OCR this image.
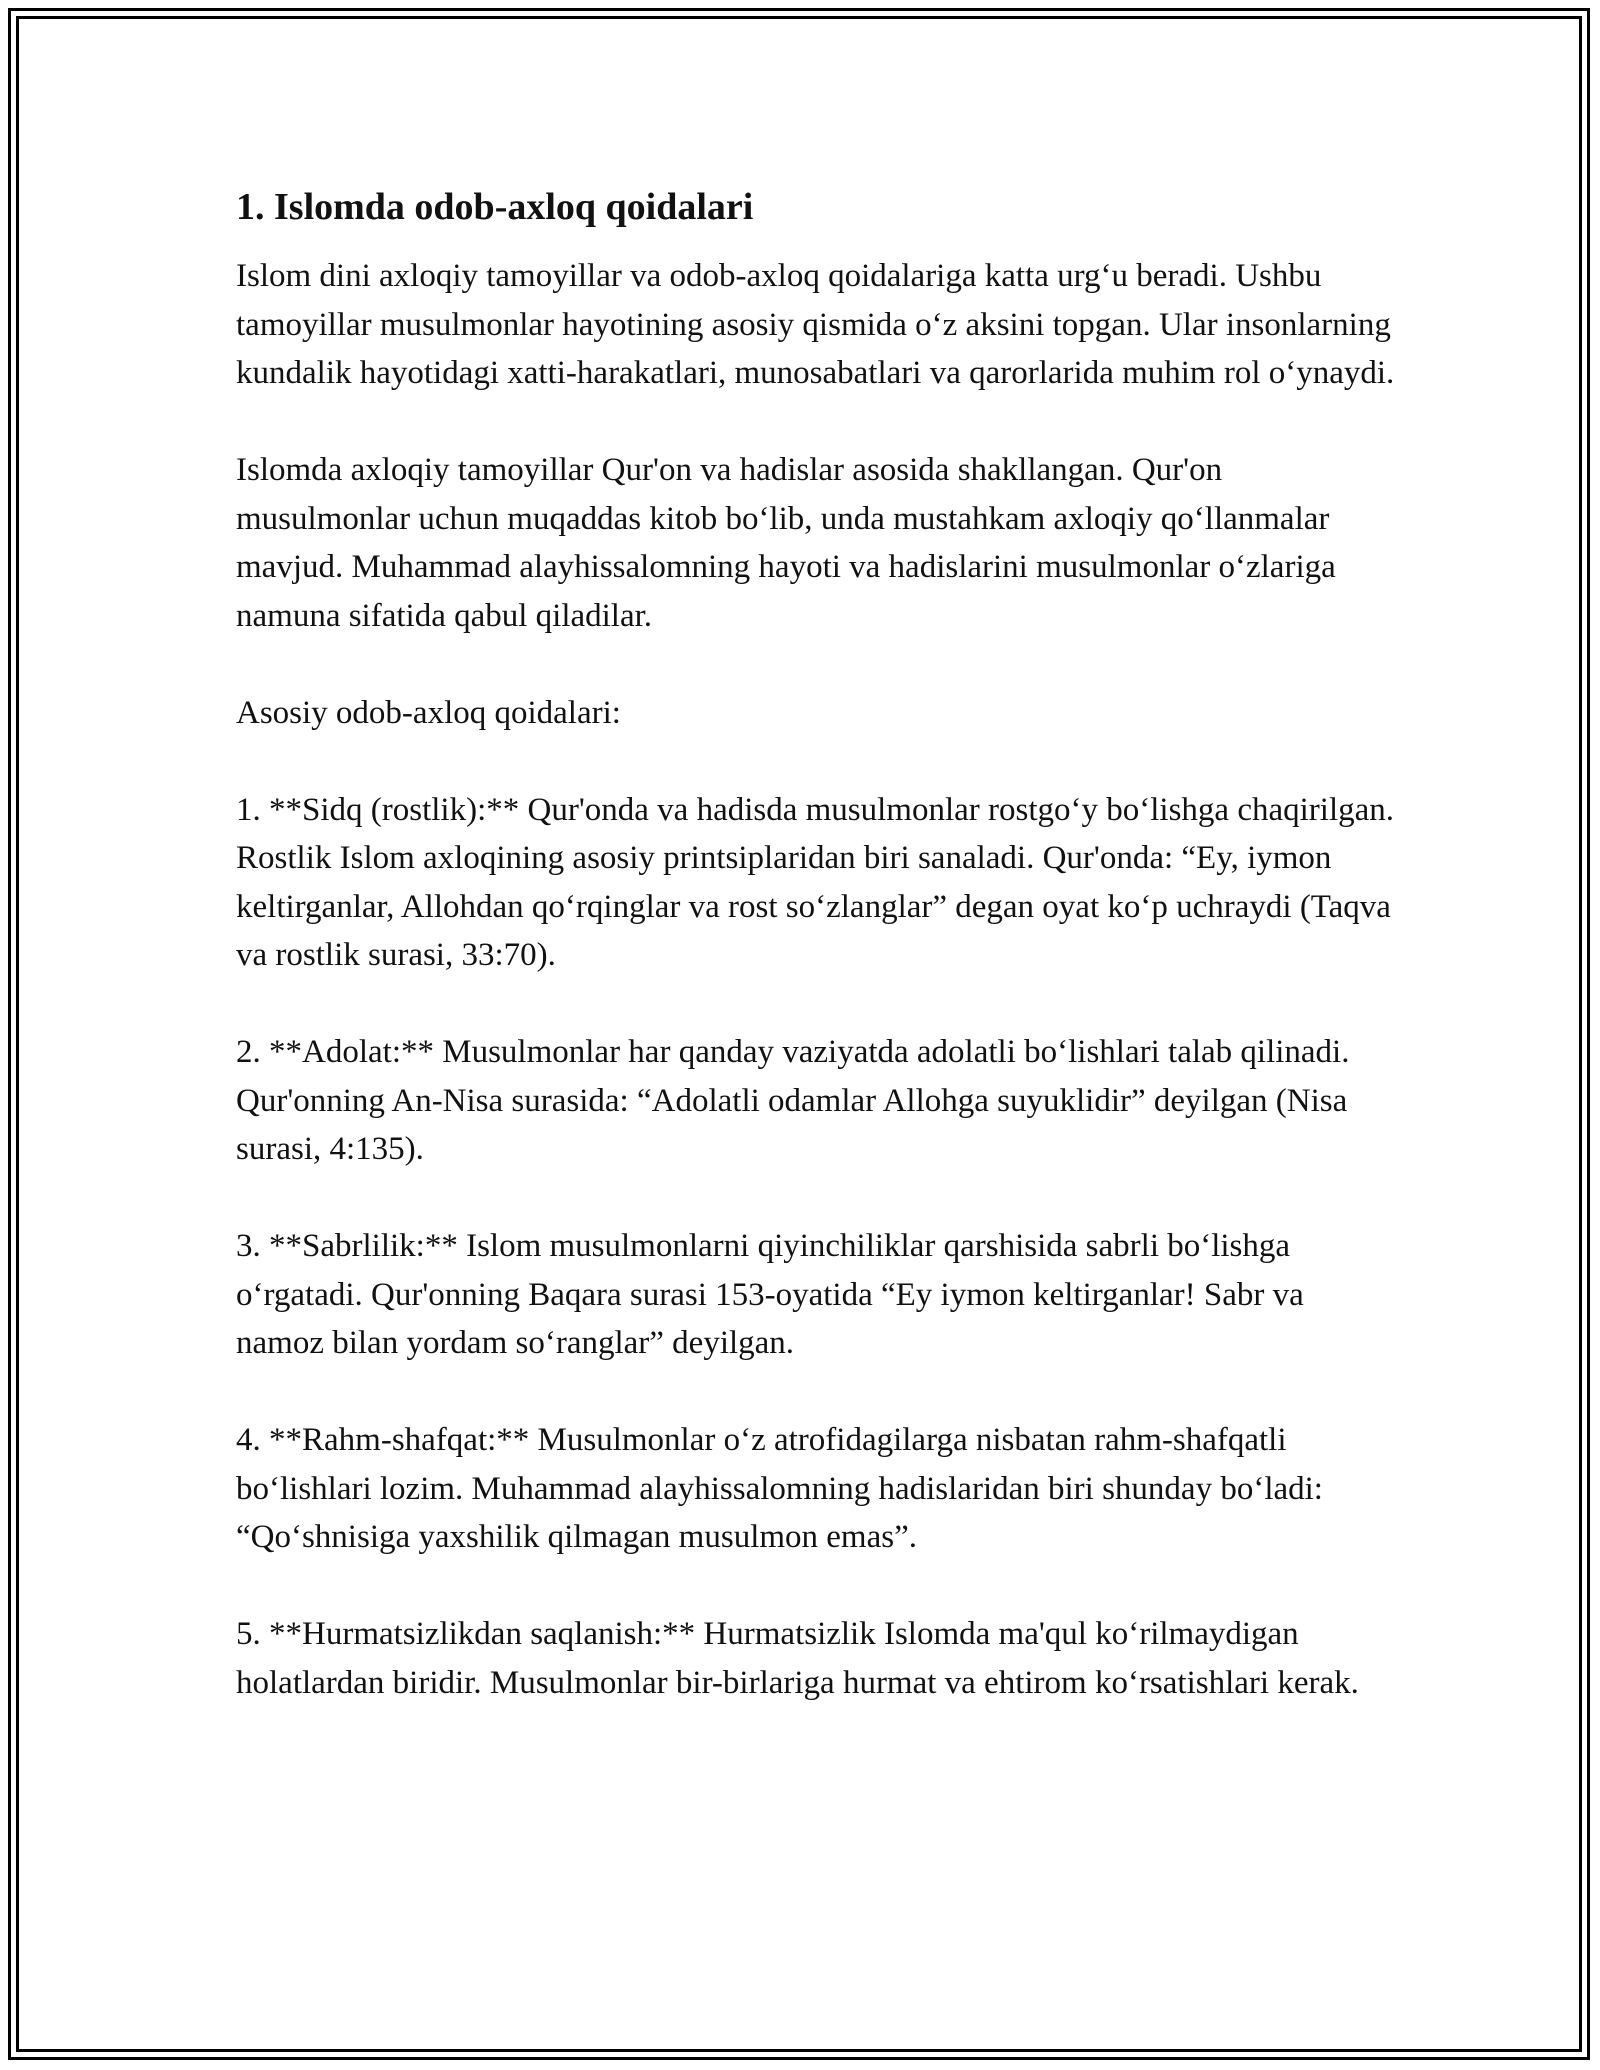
1. Islomda odob-axloq qoidalari

Islom dini axloqiy tamoyillar va odob-axloq qoidalariga katta urg‘u beradi. Ushbu tamoyillar musulmonlar hayotining asosiy qismida o‘z aksini topgan. Ular insonlarning kundalik hayotidagi xatti-harakatlari, munosabatlari va qarorlarida muhim rol o‘ynaydi.

Islomda axloqiy tamoyillar Qur'on va hadislar asosida shakllangan. Qur'on musulmonlar uchun muqaddas kitob bo‘lib, unda mustahkam axloqiy qo‘llanmalar mavjud. Muhammad alayhissalomning hayoti va hadislarini musulmonlar o‘zlariga namuna sifatida qabul qiladilar.

Asosiy odob-axloq qoidalari:

1. **Sidq (rostlik):** Qur'onda va hadisda musulmonlar rostgo‘y bo‘lishga chaqirilgan. Rostlik Islom axloqining asosiy printsiplaridan biri sanaladi. Qur'onda: “Ey, iymon keltirganlar, Allohdan qo‘rqinglar va rost so‘zlanglar” degan oyat ko‘p uchraydi (Taqva va rostlik surasi, 33:70).

2. **Adolat:** Musulmonlar har qanday vaziyatda adolatli bo‘lishlari talab qilinadi. Qur'onning An-Nisa surasida: “Adolatli odamlar Allohga suyuklidir” deyilgan (Nisa surasi, 4:135).

3. **Sabrlilik:** Islom musulmonlarni qiyinchiliklar qarshisida sabrli bo‘lishga o‘rgatadi. Qur'onning Baqara surasi 153-oyatida “Ey iymon keltirganlar! Sabr va namoz bilan yordam so‘ranglar” deyilgan.

4. **Rahm-shafqat:** Musulmonlar o‘z atrofidagilarga nisbatan rahm-shafqatli bo‘lishlari lozim. Muhammad alayhissalomning hadislaridan biri shunday bo‘ladi: “Qo‘shnisiga yaxshilik qilmagan musulmon emas”.

5. **Hurmatsizlikdan saqlanish:** Hurmatsizlik Islomda ma'qul ko‘rilmaydigan holatlardan biridir. Musulmonlar bir-birlariga hurmat va ehtirom ko‘rsatishlari kerak.
